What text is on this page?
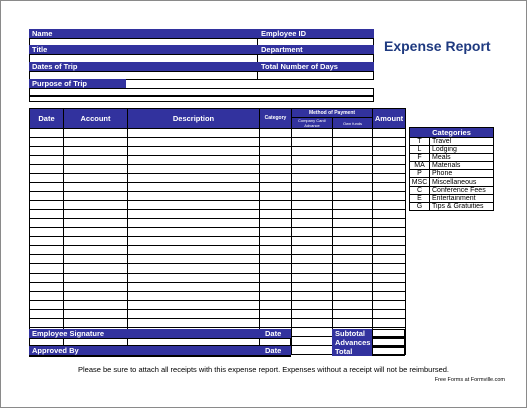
Name	Employee ID
Title	Department
Dates of Trip	Total Number of Days
Purpose of Trip
Expense Report
Date	Account	Description	Category	Method of Payment		Amount
				Company Card/ Advance	Own funds	

Categories	
T	Travel
L	Lodging
F	Meals
MA	Materials
P	Phone
MSC	Miscellaneous
C	Conference Fees
E	Entertainment
G	Tips & Gratuities
Employee Signature	Date
Approved By	Date
Subtotal
Advances
Total
Please be sure to attach all receipts with this expense report. Expenses without a receipt will not be reimbursed.
Free Forms at Formville.com
